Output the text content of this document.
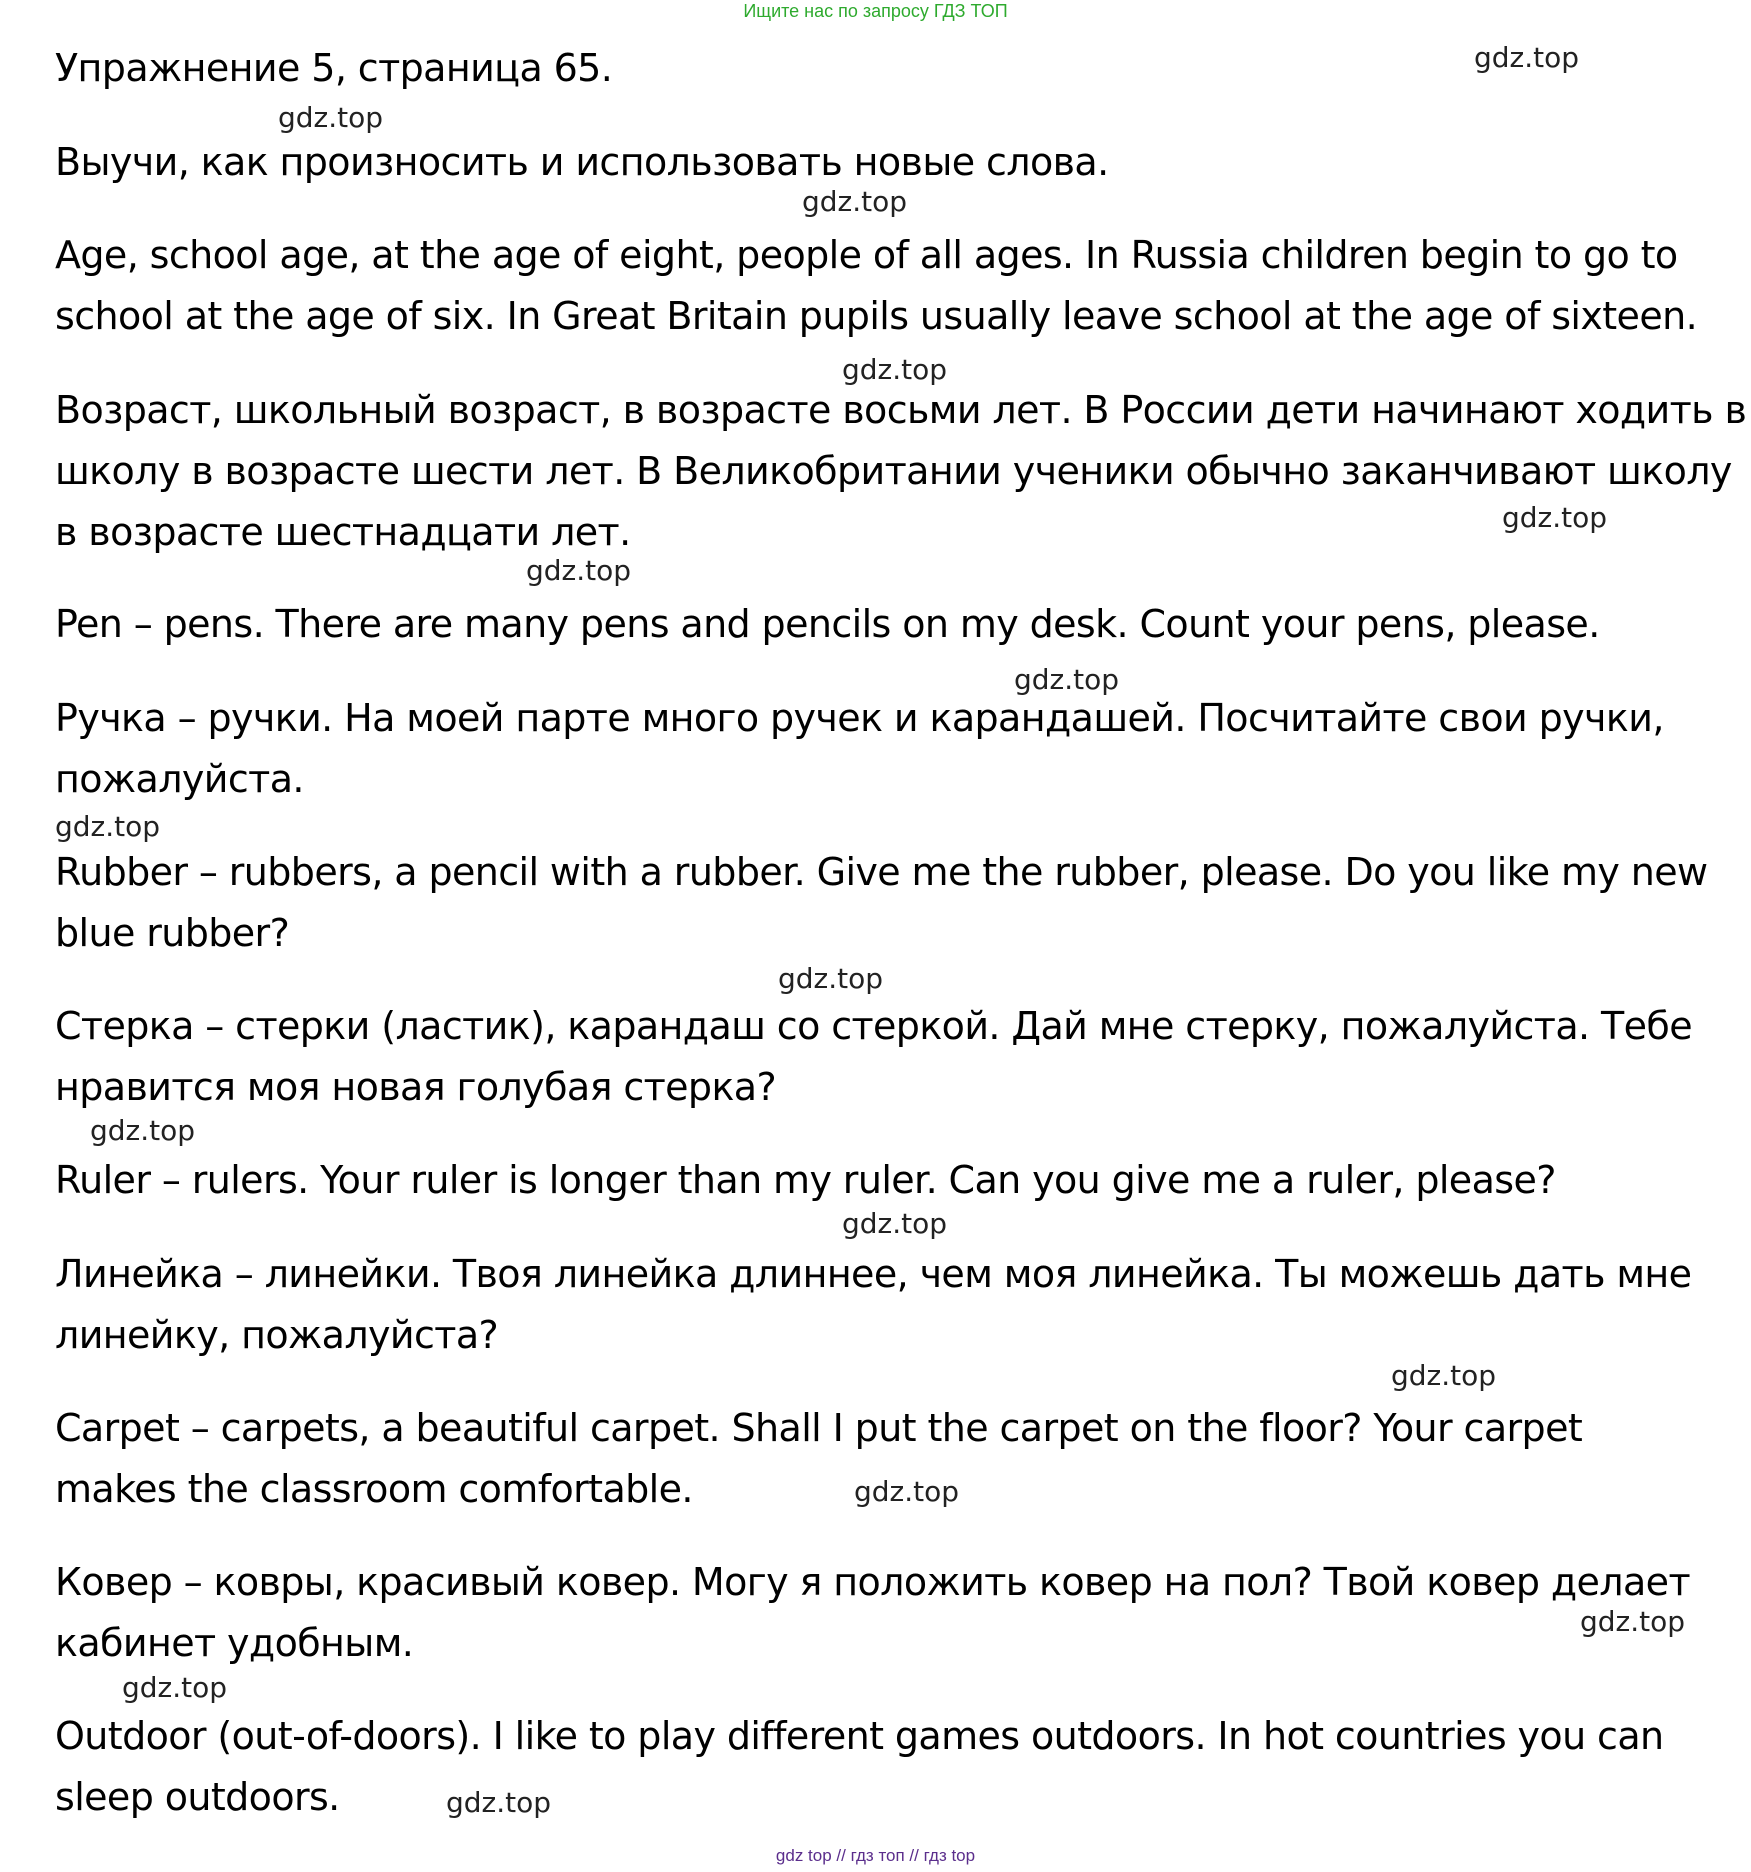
Ищите нас по запросу ГДЗ ТОП
Упражнение 5, страница 65.
Выучи, как произносить и использовать новые слова.
Age, school age, at the age of eight, people of all ages. In Russia children begin to go to
school at the age of six. In Great Britain pupils usually leave school at the age of sixteen.
Возраст, школьный возраст, в возрасте восьми лет. В России дети начинают ходить в
школу в возрасте шести лет. В Великобритании ученики обычно заканчивают школу
в возрасте шестнадцати лет.
Pen – pens. There are many pens and pencils on my desk. Count your pens, please.
Ручка – ручки. На моей парте много ручек и карандашей. Посчитайте свои ручки,
пожалуйста.
Rubber – rubbers, a pencil with a rubber. Give me the rubber, please. Do you like my new
blue rubber?
Стерка – стерки (ластик), карандаш со стеркой. Дай мне стерку, пожалуйста. Тебе
нравится моя новая голубая стерка?
Ruler – rulers. Your ruler is longer than my ruler. Can you give me a ruler, please?
Линейка – линейки. Твоя линейка длиннее, чем моя линейка. Ты можешь дать мне
линейку, пожалуйста?
Carpet – carpets, a beautiful carpet. Shall I put the carpet on the floor? Your carpet
makes the classroom comfortable.
Ковер – ковры, красивый ковер. Могу я положить ковер на пол? Твой ковер делает
кабинет удобным.
Outdoor (out-of-doors). I like to play different games outdoors. In hot countries you can
sleep outdoors.
gdz.top
gdz.top
gdz.top
gdz.top
gdz.top
gdz.top
gdz.top
gdz.top
gdz.top
gdz.top
gdz.top
gdz.top
gdz.top
gdz.top
gdz.top
gdz.top
gdz top // гдз топ // гдз top
